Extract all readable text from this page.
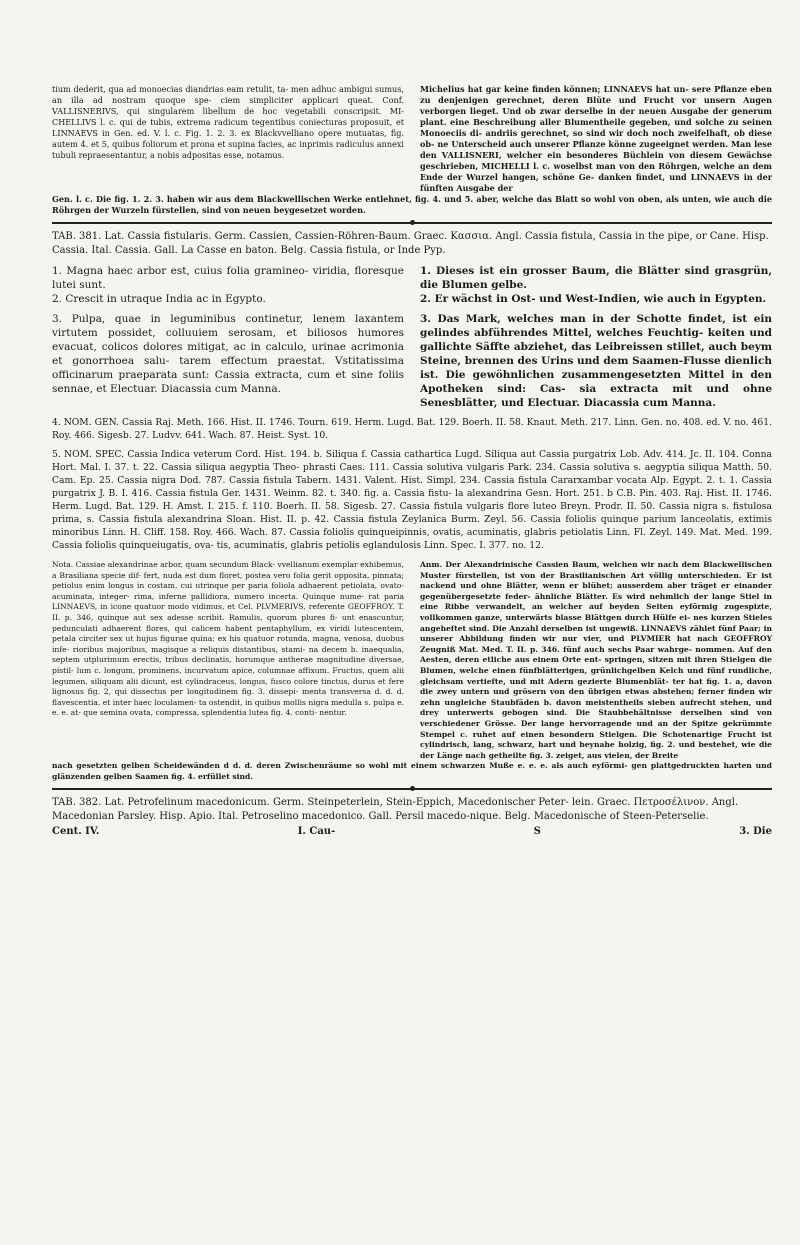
tium dederit, qua ad monoecias diandrias eam retulit, ta- men adhuc ambigui sumus, an illa ad nostram quoque spe- ciem simpliciter applicari queat. Conf. VALLISNERIVS, qui singularem libellum de hoc vegetabili conscripsit. MI- CHELLIVS l. c. qui de tubis, extrema radicum tegentibus coniecturas proposuit, et LINNAEVS in Gen. ed. V. l. c. Fig. 1. 2. 3. ex Blackvvelliano opere mutuatas, fig. autem 4. et 5, quibus foliorum et prona et supina facies, ac inprimis radiculus annexi tubuli repraesentantur, a nobis adpositas esse, notamus.

Michelius hat gar keine finden können; LINNAEVS hat un- sere Pflanze eben zu denjenigen gerechnet, deren Blüte und Frucht vor unsern Augen verborgen lieget. Und ob zwar derselbe in der neuen Ausgabe der generum plant. eine Beschreibung aller Blumentheile gegeben, und solche zu seinen Monoeciis di- andriis gerechnet, so sind wir doch noch zweifelhaft, ob diese ob- ne Unterscheid auch unserer Pflanze könne zugeeignet werden. Man lese den VALLISNERI, welcher ein besonderes Büchlein von diesem Gewächse geschrieben, MICHELLI l. c. woselbst man von den Röhrgen, welche an dem Ende der Wurzel hangen, schöne Ge- danken findet, und LINNAEVS in der fünften Ausgabe der

Gen. l. c. Die fig. 1. 2. 3. haben wir aus dem Blackwellischen Werke entlehnet, fig. 4. und 5. aber, welche das Blatt so wohl von oben, als unten, wie auch die Röhrgen der Wurzeln fürstellen, sind von neuen beygesetzet worden.

TAB. 381. Lat. Cassia fistularis. Germ. Cassien, Cassien-Röhren-Baum. Graec. Κασσια. Angl. Cassia fistula, Cassia in the pipe, or Cane. Hisp. Cassia. Ital. Cassia. Gall. La Casse en baton. Belg. Cassia fistula, or Inde Pyp.

1. Magna haec arbor est, cuius folia gramineo- viridia, floresque lutei sunt.

1. Dieses ist ein grosser Baum, die Blätter sind grasgrün, die Blumen gelbe.

2. Crescit in utraque India ac in Egypto.	2. Er wächst in Ost- und West-Indien, wie auch in Egypten.

3. Pulpa, quae in leguminibus continetur, lenem laxantem virtutem possidet, colluuiem serosam, et biliosos humores evacuat, colicos dolores mitigat, ac in calculo, urinae acrimonia et gonorrhoea salu- tarem effectum praestat. Vstitatissima officinarum praeparata sunt: Cassia extracta, cum et sine foliis sennae, et Electuar. Diacassia cum Manna.

3. Das Mark, welches man in der Schotte findet, ist ein gelindes abführendes Mittel, welches Feuchtig- keiten und gallichte Säffte abziehet, das Leibreissen stillet, auch beym Steine, brennen des Urins und dem Saamen-Flusse dienlich ist. Die gewöhnlichen zusammengesetzten Mittel in den Apotheken sind: Cas- sia extracta mit und ohne Senesblätter, und Electuar. Diacassia cum Manna.

4. NOM. GEN. Cassia Raj. Meth. 166. Hist. II. 1746. Tourn. 619. Herm. Lugd. Bat. 129. Boerh. II. 58. Knaut. Meth. 217. Linn. Gen. no. 408. ed. V. no. 461. Roy. 466. Sigesb. 27. Ludvv. 641. Wach. 87. Heist. Syst. 10.

5. NOM. SPEC. Cassia Indica veterum Cord. Hist. 194. b. Siliqua f. Cassia cathartica Lugd. Siliqua aut Cassia purgatrix Lob. Adv. 414. Jc. II. 104. Conna Hort. Mal. I. 37. t. 22. Cassia siliqua aegyptia Theo- phrasti Caes. 111. Cassia solutiva vulgaris Park. 234. Cassia solutiva s. aegyptia siliqua Matth. 50. Cam. Ep. 25. Cassia nigra Dod. 787. Cassia fistula Tabern. 1431. Valent. Hist. Simpl. 234. Cassia fistula Cararxambar vocata Alp. Egypt. 2. t. 1. Cassia purgatrix J. B. I. 416. Cassia fistula Ger. 1431. Weinm. 82. t. 340. fig. a. Cassia fistu- la alexandrina Gesn. Hort. 251. b C.B. Pin. 403. Raj. Hist. II. 1746. Herm. Lugd. Bat. 129. H. Amst. I. 215. f. 110. Boerh. II. 58. Sigesb. 27. Cassia fistula vulgaris flore luteo Breyn. Prodr. II. 50. Cassia nigra s. fistulosa prima, s. Cassia fistula alexandrina Sloan. Hist. II. p. 42. Cassia fistula Zeylanica Burm. Zeyl. 56. Cassia foliolis quinque parium lanceolatis, extimis minoribus Linn. H. Cliff. 158. Roy. 466. Wach. 87. Cassia foliolis quinqueipinnis, ovatis, acuminatis, glabris petiolatis Linn. Fl. Zeyl. 149. Mat. Med. 199. Cassia foliolis quinqueiugatis, ova- tis, acuminatis, glabris petiolis eglandulosis Linn. Spec. I. 377. no. 12.

Nota. Cassiae alexandrinae arbor, quam secundum Black- vvellianum exemplar exhibemus, a Brasiliana specie dif- fert, nuda est dum floret, postea vero folia gerit opposita, pinnata; petiolus enim longus in costam, cui utrinque per paria foliola adhaerent petiolata, ovato-acuminata, integer- rima, inferne pallidiora, numero incerta. Quinque nume- rat paria LINNAEVS, in icone quatuor modo vidimus, et Cel. PLVMERIVS, referente GEOFFROY. T. II. p. 346, quinque aut sex adesse scribit. Ramulis, quorum plures fi- unt enascuntur, pedunculati adhaerent flores, qui calicem habent pentaphyllum, ex viridi lutescentem, petala circiter sex ut hujus figurae quina; ex his quatuor rotunda, magna, venosa, duobus infe- rioribus majoribus, magisque a reliquis distantibus, stami- na decem b. inaequalia, septem utplurimum erectis, tribus declinatis, horumque antherae magnitudine diversae, pistil- lum c. longum, prominens, incurvatum apice, columnae affixum. Fructus, quem alii legumen, siliquam alii dicunt, est cylindraceus, longus, fusco colore tinctus, durus et fere lignosus fig. 2, qui dissectus per longitudinem fig. 3. dissepi- menta transversa d. d. d. flavescentia, et inter haec loculamen- ta ostendit, in quibus mollis nigra medulla s. pulpa e. e. e. at- que semina ovata, compressa, splendentia lutea fig. 4. conti- nentur.

Anm. Der Alexandrinische Cassien Baum, welchen wir nach dem Blackwellischen Muster fürstellen, ist von der Brasilianischen Art völlig unterschieden. Er ist nackend und ohne Blätter, wenn er blühet; ausserdem aber träget er einander gegenübergesetzte feder- ähnliche Blätter. Es wird nehmlich der lange Stiel in eine Ribbe verwandelt, an welcher auf beyden Seiten eyförmig zugespizte, vollkommen ganze, unterwärts blasse Blättgen durch Hülfe ei- nes kurzen Stieles angeheftet sind. Die Anzahl derselben ist ungewiß. LINNAEVS zählet fünf Paar; in unserer Abbildung finden wir nur vier, und PLVMIER hat nach GEOFFROY Zeugniß Mat. Med. T. II. p. 346. fünf auch sechs Paar wahrge- nommen. Auf den Aesten, deren etliche aus einem Orte ent- springen, sitzen mit ihren Stielgen die Blumen, welche einen fünfblätterigen, grünlichgelben Kelch und fünf rundliche, gleichsam vertiefte, und mit Adern gezierte Blumenblät- ter hat fig. 1. a, davon die zwey untern und grösern von den übrigen etwas abstehen; ferner finden wir zehn ungleiche Staubfäden b. davon meistentheils sieben aufrecht stehen, und drey unterwerts gebogen sind. Die Staubbehältnisse derselben sind von verschiedener Grösse. Der lange hervorragende und an der Spitze gekrümmte Stempel c. ruhet auf einen besondern Stielgen. Die Schotenartige Frucht ist cylindrisch, lang, schwarz, hart und beynahe holzig, fig. 2. und bestehet, wie die der Länge nach getheilte fig. 3. zeiget, aus vielen, der Breite

nach gesetzten gelben Scheidewänden d d. d. deren Zwischenräume so wohl mit einem schwarzen Muße e. e. e. als auch eyförmi- gen plattgedruckten harten und glänzenden gelben Saamen fig. 4. erfüllet sind.

TAB. 382. Lat. Petrofelinum macedonicum. Germ. Steinpeterlein, Stein-Eppich, Macedonischer Peter- lein. Graec. Πετροσέλινον. Angl. Macedonian Parsley. Hisp. Apio. Ital. Petroselino macedonico. Gall. Persil macedo-nique. Belg. Macedonische of Steen-Peterselie.

Cent. IV.	I. Cau-	S	3. Die
